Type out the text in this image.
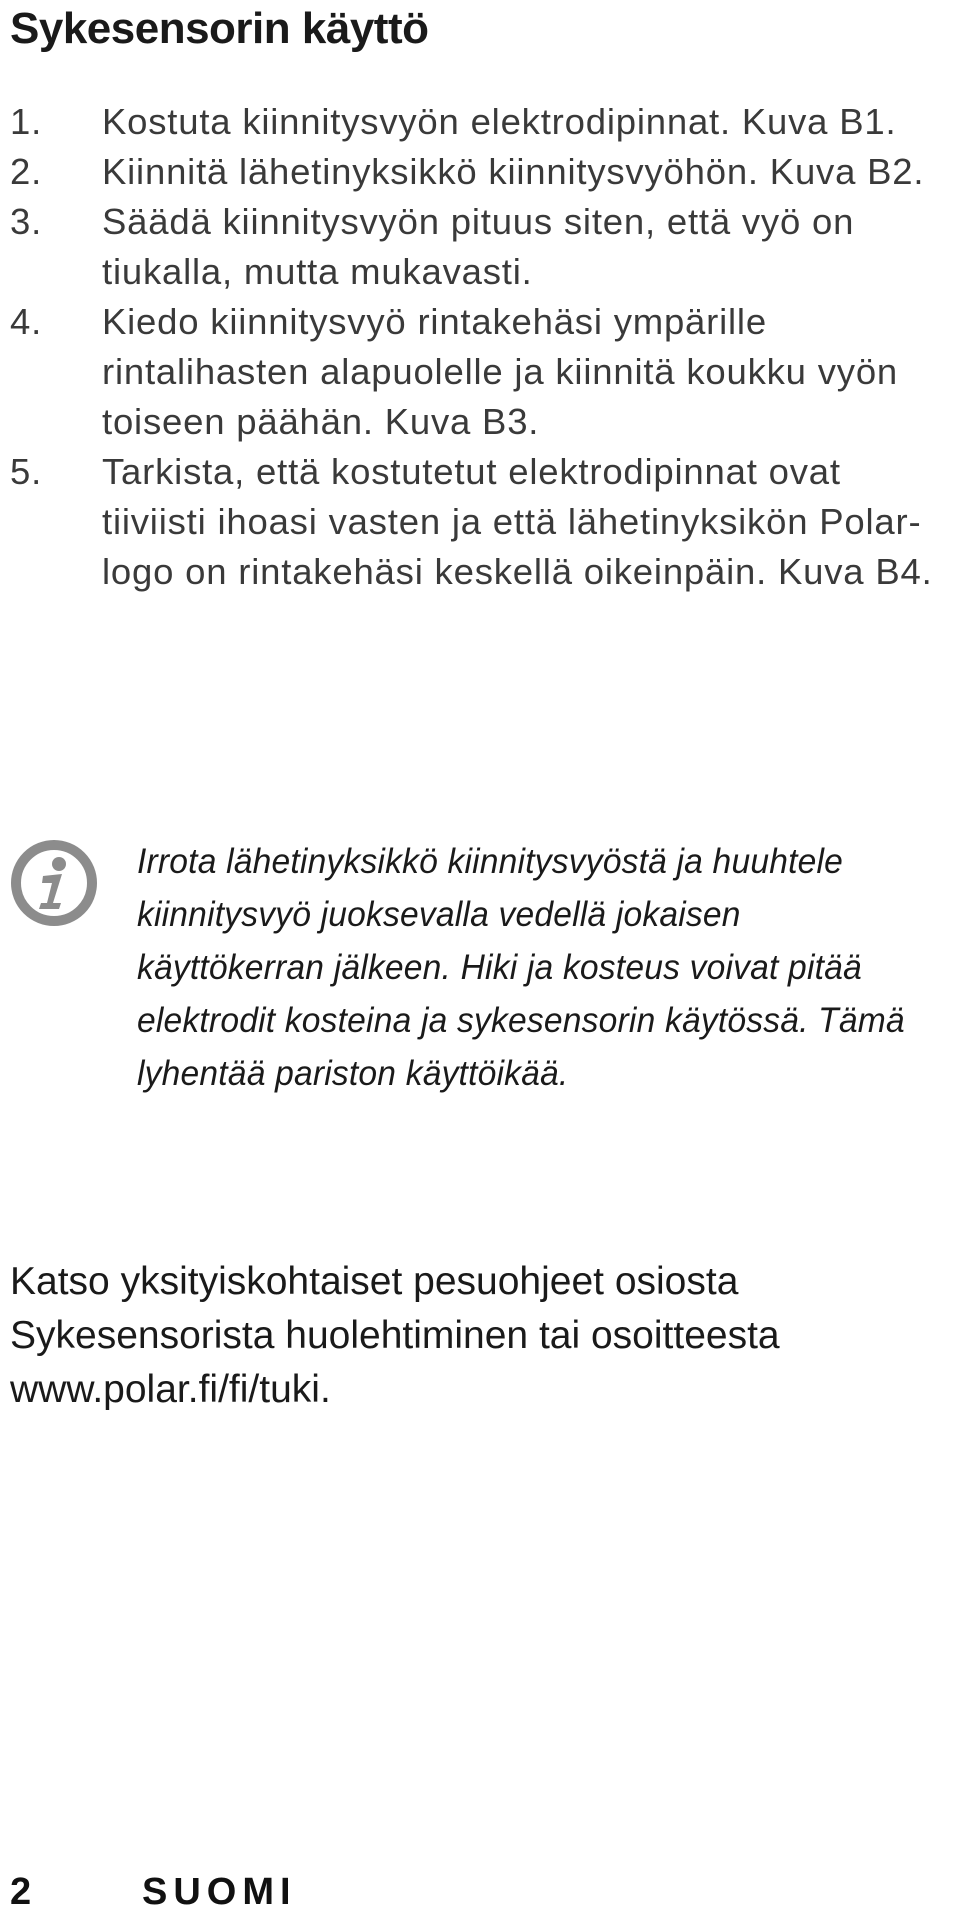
Sykesensorin käyttö
1.	Kostuta kiinnitysvyön elektrodipinnat. Kuva B1.
2.	Kiinnitä lähetinyksikkö kiinnitysvyöhön. Kuva B2.
3.	Säädä kiinnitysvyön pituus siten, että vyö on tiukalla, mutta mukavasti.
4.	Kiedo kiinnitysvyö rintakehäsi ympärille rintalihasten alapuolelle ja kiinnitä koukku vyön toiseen päähän. Kuva B3.
5.	Tarkista, että kostutetut elektrodipinnat ovat tiiviisti ihoasi vasten ja että lähetinyksikön Polar-logo on rintakehäsi keskellä oikeinpäin. Kuva B4.

Irrota lähetinyksikkö kiinnitysvyöstä ja huuhtele kiinnitysvyö juoksevalla vedellä jokaisen käyttökerran jälkeen. Hiki ja kosteus voivat pitää elektrodit kosteina ja sykesensorin käytössä. Tämä lyhentää pariston käyttöikää.

Katso yksityiskohtaiset pesuohjeet osiosta Sykesensorista huolehtiminen tai osoitteesta www.polar.fi/fi/tuki.

2	SUOMI
